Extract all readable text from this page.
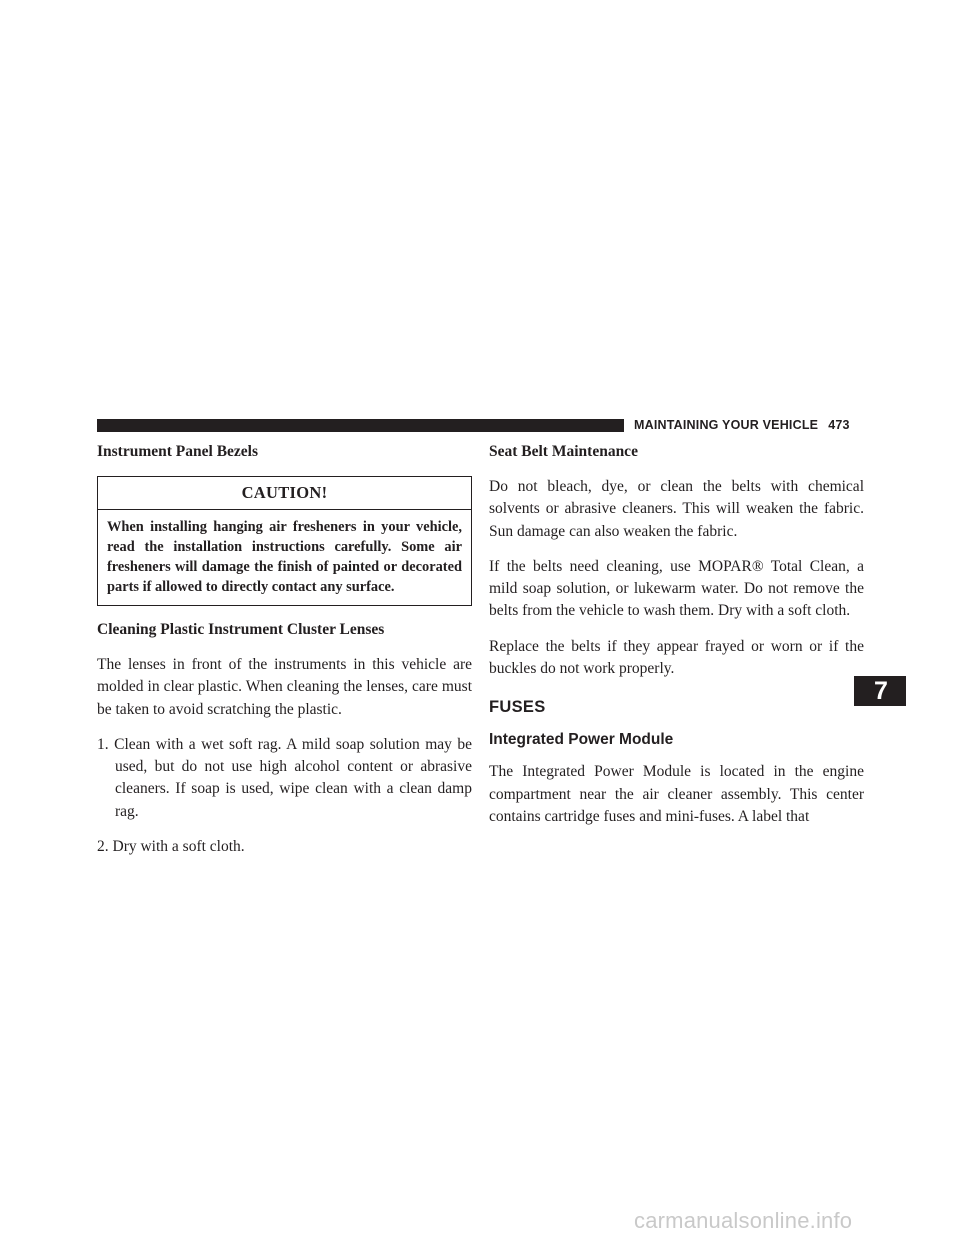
MAINTAINING YOUR VEHICLE 473
Instrument Panel Bezels
CAUTION!
When installing hanging air fresheners in your vehicle, read the installation instructions carefully. Some air fresheners will damage the finish of painted or decorated parts if allowed to directly contact any surface.
Cleaning Plastic Instrument Cluster Lenses

The lenses in front of the instruments in this vehicle are molded in clear plastic. When cleaning the lenses, care must be taken to avoid scratching the plastic.

1. Clean with a wet soft rag. A mild soap solution may be used, but do not use high alcohol content or abrasive cleaners. If soap is used, wipe clean with a clean damp rag.
2. Dry with a soft cloth.
Seat Belt Maintenance

Do not bleach, dye, or clean the belts with chemical solvents or abrasive cleaners. This will weaken the fabric. Sun damage can also weaken the fabric.

If the belts need cleaning, use MOPAR® Total Clean, a mild soap solution, or lukewarm water. Do not remove the belts from the vehicle to wash them. Dry with a soft cloth.

Replace the belts if they appear frayed or worn or if the buckles do not work properly.

FUSES
Integrated Power Module

The Integrated Power Module is located in the engine compartment near the air cleaner assembly. This center contains cartridge fuses and mini-fuses. A label that

7
carmanualsonline.info
